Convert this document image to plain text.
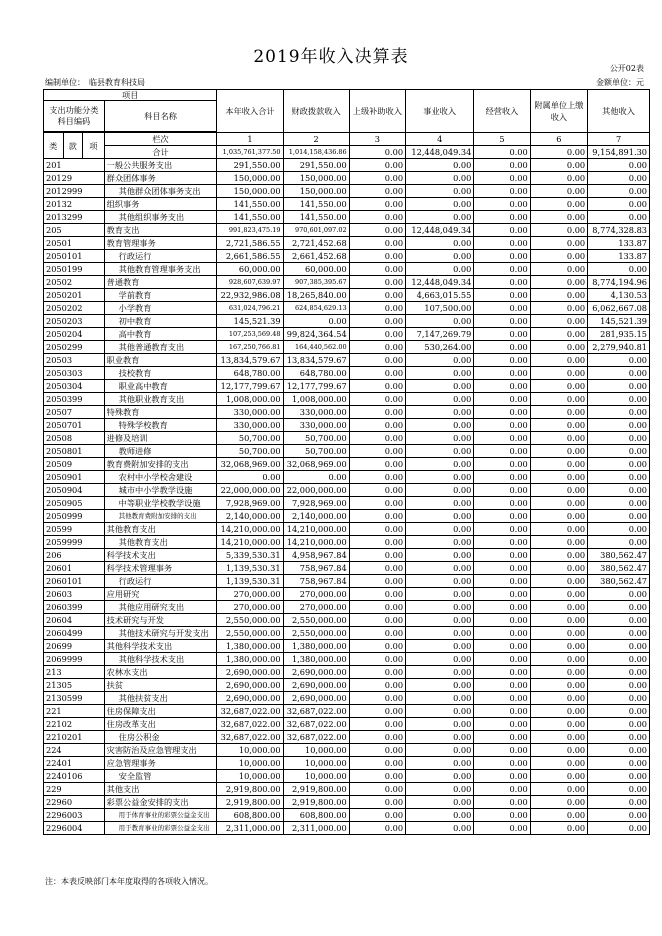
2019年收入决算表
公开02表
编制单位：　临县教育科技局	金额单位：元
项目				本年收入合计	财政拨款收入	上级补助收入	事业收入	经营收入	附属单位上缴收入	其他收入
支出功能分类科目编码			科目名称							

类	款	项	栏次	1	2	3	4	5	6	7
			合计	1,035,761,377.50	1,014,158,436.86	0.00	12,448,049.34	0.00	0.00	9,154,891.30
201			一般公共服务支出	291,550.00	291,550.00	0.00	0.00	0.00	0.00	0.00
20129			群众团体事务	150,000.00	150,000.00	0.00	0.00	0.00	0.00	0.00
2012999			其他群众团体事务支出	150,000.00	150,000.00	0.00	0.00	0.00	0.00	0.00
20132			组织事务	141,550.00	141,550.00	0.00	0.00	0.00	0.00	0.00
2013299			其他组织事务支出	141,550.00	141,550.00	0.00	0.00	0.00	0.00	0.00
205			教育支出	991,823,475.19	970,601,097.02	0.00	12,448,049.34	0.00	0.00	8,774,328.83
20501			教育管理事务	2,721,586.55	2,721,452.68	0.00	0.00	0.00	0.00	133.87
2050101			行政运行	2,661,586.55	2,661,452.68	0.00	0.00	0.00	0.00	133.87
2050199			其他教育管理事务支出	60,000.00	60,000.00	0.00	0.00	0.00	0.00	0.00
20502			普通教育	928,607,639.97	907,385,395.67	0.00	12,448,049.34	0.00	0.00	8,774,194.96
2050201			学前教育	22,932,986.08	18,265,840.00	0.00	4,663,015.55	0.00	0.00	4,130.53
2050202			小学教育	631,024,796.21	624,854,629.13	0.00	107,500.00	0.00	0.00	6,062,667.08
2050203			初中教育	145,521.39	0.00	0.00	0.00	0.00	0.00	145,521.39
2050204			高中教育	107,253,569.48	99,824,364.54	0.00	7,147,269.79	0.00	0.00	281,935.15
2050299			其他普通教育支出	167,250,766.81	164,440,562.00	0.00	530,264.00	0.00	0.00	2,279,940.81
20503			职业教育	13,834,579.67	13,834,579.67	0.00	0.00	0.00	0.00	0.00
2050303			技校教育	648,780.00	648,780.00	0.00	0.00	0.00	0.00	0.00
2050304			职业高中教育	12,177,799.67	12,177,799.67	0.00	0.00	0.00	0.00	0.00
2050399			其他职业教育支出	1,008,000.00	1,008,000.00	0.00	0.00	0.00	0.00	0.00
20507			特殊教育	330,000.00	330,000.00	0.00	0.00	0.00	0.00	0.00
2050701			特殊学校教育	330,000.00	330,000.00	0.00	0.00	0.00	0.00	0.00
20508			进修及培训	50,700.00	50,700.00	0.00	0.00	0.00	0.00	0.00
2050801			教师进修	50,700.00	50,700.00	0.00	0.00	0.00	0.00	0.00
20509			教育费附加安排的支出	32,068,969.00	32,068,969.00	0.00	0.00	0.00	0.00	0.00
2050901			农村中小学校舍建设	0.00	0.00	0.00	0.00	0.00	0.00	0.00
2050904			城市中小学教学设施	22,000,000.00	22,000,000.00	0.00	0.00	0.00	0.00	0.00
2050905			中等职业学校教学设施	7,928,969.00	7,928,969.00	0.00	0.00	0.00	0.00	0.00
2050999			其他教育费附加安排的支出	2,140,000.00	2,140,000.00	0.00	0.00	0.00	0.00	0.00
20599			其他教育支出	14,210,000.00	14,210,000.00	0.00	0.00	0.00	0.00	0.00
2059999			其他教育支出	14,210,000.00	14,210,000.00	0.00	0.00	0.00	0.00	0.00
206			科学技术支出	5,339,530.31	4,958,967.84	0.00	0.00	0.00	0.00	380,562.47
20601			科学技术管理事务	1,139,530.31	758,967.84	0.00	0.00	0.00	0.00	380,562.47
2060101			行政运行	1,139,530.31	758,967.84	0.00	0.00	0.00	0.00	380,562.47
20603			应用研究	270,000.00	270,000.00	0.00	0.00	0.00	0.00	0.00
2060399			其他应用研究支出	270,000.00	270,000.00	0.00	0.00	0.00	0.00	0.00
20604			技术研究与开发	2,550,000.00	2,550,000.00	0.00	0.00	0.00	0.00	0.00
2060499			其他技术研究与开发支出	2,550,000.00	2,550,000.00	0.00	0.00	0.00	0.00	0.00
20699			其他科学技术支出	1,380,000.00	1,380,000.00	0.00	0.00	0.00	0.00	0.00
2069999			其他科学技术支出	1,380,000.00	1,380,000.00	0.00	0.00	0.00	0.00	0.00
213			农林水支出	2,690,000.00	2,690,000.00	0.00	0.00	0.00	0.00	0.00
21305			扶贫	2,690,000.00	2,690,000.00	0.00	0.00	0.00	0.00	0.00
2130599			其他扶贫支出	2,690,000.00	2,690,000.00	0.00	0.00	0.00	0.00	0.00
221			住房保障支出	32,687,022.00	32,687,022.00	0.00	0.00	0.00	0.00	0.00
22102			住房改革支出	32,687,022.00	32,687,022.00	0.00	0.00	0.00	0.00	0.00
2210201			住房公积金	32,687,022.00	32,687,022.00	0.00	0.00	0.00	0.00	0.00
224			灾害防治及应急管理支出	10,000.00	10,000.00	0.00	0.00	0.00	0.00	0.00
22401			应急管理事务	10,000.00	10,000.00	0.00	0.00	0.00	0.00	0.00
2240106			安全监管	10,000.00	10,000.00	0.00	0.00	0.00	0.00	0.00
229			其他支出	2,919,800.00	2,919,800.00	0.00	0.00	0.00	0.00	0.00
22960			彩票公益金安排的支出	2,919,800.00	2,919,800.00	0.00	0.00	0.00	0.00	0.00
2296003			用于体育事业的彩票公益金支出	608,800.00	608,800.00	0.00	0.00	0.00	0.00	0.00
2296004			用于教育事业的彩票公益金支出	2,311,000.00	2,311,000.00	0.00	0.00	0.00	0.00	0.00
注：本表反映部门本年度取得的各项收入情况。
